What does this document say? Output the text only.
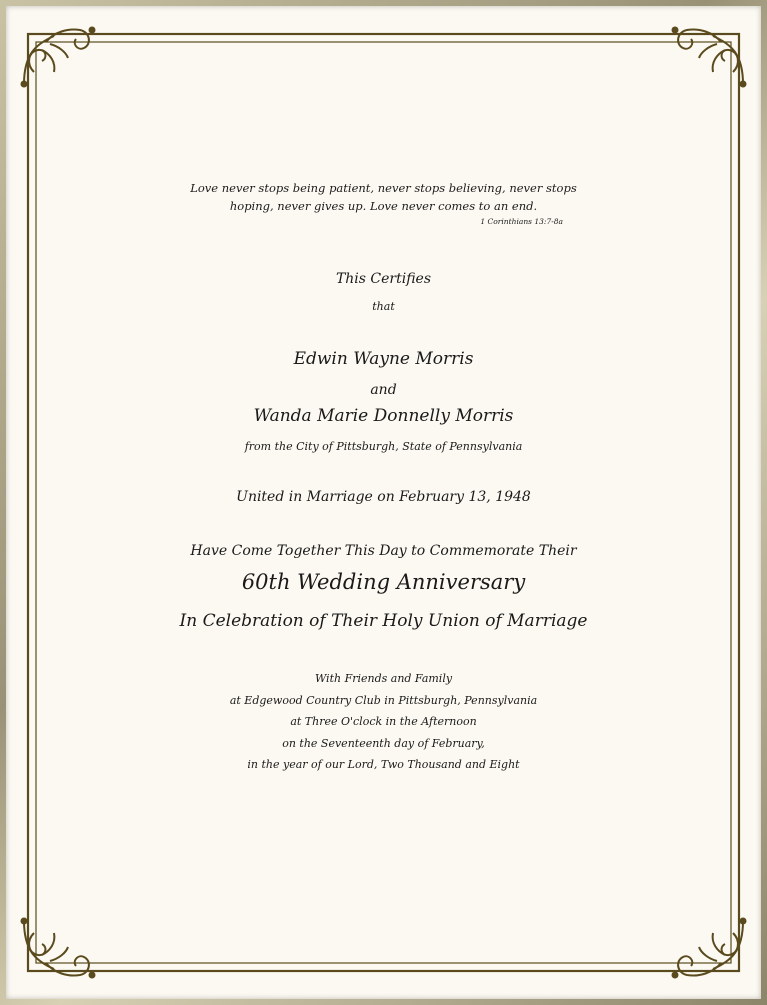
Love never stops being patient, never stops believing, never stops
hoping, never gives up. Love never comes to an end.
1 Corinthians 13:7-8a
This Certifies
that
Edwin Wayne Morris
and
Wanda Marie Donnelly Morris
from the City of Pittsburgh, State of Pennsylvania
United in Marriage on February 13, 1948
Have Come Together This Day to Commemorate Their
60th Wedding Anniversary
In Celebration of Their Holy Union of Marriage
With Friends and Family
at Edgewood Country Club in Pittsburgh, Pennsylvania
at Three O'clock in the Afternoon
on the Seventeenth day of February,
in the year of our Lord, Two Thousand and Eight
